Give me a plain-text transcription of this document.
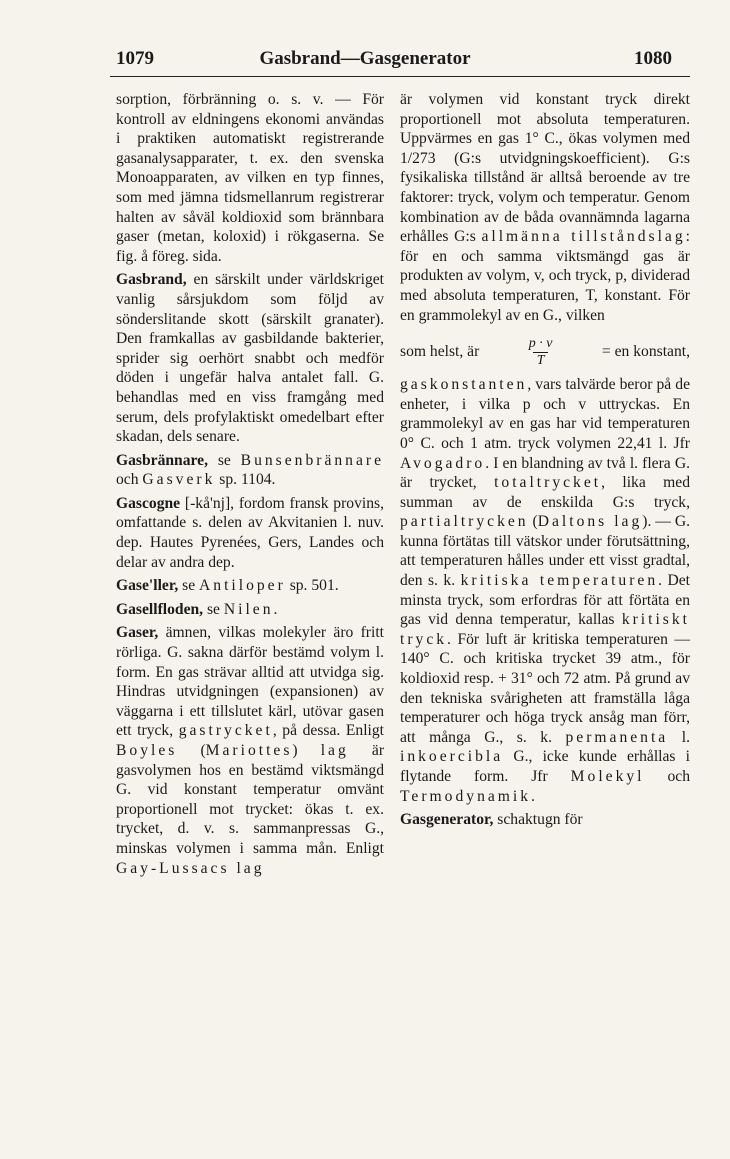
1079	Gasbrand—Gasgenerator	1080

sorption, förbränning o. s. v. — För kontroll av eldningens ekonomi användas i praktiken automatiskt registrerande gasanalysapparater, t. ex. den svenska Monoapparaten, av vilken en typ finnes, som med jämna tidsmellanrum registrerar halten av såväl koldioxid som brännbara gaser (metan, koloxid) i rökgaserna. Se fig. å föreg. sida.

Gasbrand, en särskilt under världskriget vanlig sårsjukdom som följd av sönderslitande skott (särskilt granater). Den framkallas av gasbildande bakterier, sprider sig oerhört snabbt och medför döden i ungefär halva antalet fall. G. behandlas med en viss framgång med serum, dels profylaktiskt omedelbart efter skadan, dels senare.

Gasbrännare, se Bunsenbrännare och Gasverk sp. 1104.

Gascogne [-kå'nj], fordom fransk provins, omfattande s. delen av Akvitanien l. nuv. dep. Hautes Pyrenées, Gers, Landes och delar av andra dep.

Gase'ller, se Antiloper sp. 501.

Gasellfloden, se Nilen.

Gaser, ämnen, vilkas molekyler äro fritt rörliga. G. sakna därför bestämd volym l. form. En gas strävar alltid att utvidga sig. Hindras utvidgningen (expansionen) av väggarna i ett tillslutet kärl, utövar gasen ett tryck, gastrycket, på dessa. Enligt Boyles (Mariottes) lag är gasvolymen hos en bestämd viktsmängd G. vid konstant temperatur omvänt proportionell mot trycket: ökas t. ex. trycket, d. v. s. sammanpressas G., minskas volymen i samma mån. Enligt Gay-Lussacs lag

är volymen vid konstant tryck direkt proportionell mot absoluta temperaturen. Uppvärmes en gas 1° C., ökas volymen med 1/273 (G:s utvidgningskoefficient). G:s fysikaliska tillstånd är alltså beroende av tre faktorer: tryck, volym och temperatur. Genom kombination av de båda ovannämnda lagarna erhålles G:s allmänna tillståndslag: för en och samma viktsmängd gas är produkten av volym, v, och tryck, p, dividerad med absoluta temperaturen, T, konstant. För en grammolekyl av en G., vilken

som helst, är	$\frac{p \cdot v}{T}$	= en konstant,

gaskonstanten, vars talvärde beror på de enheter, i vilka p och v uttryckas. En grammolekyl av en gas har vid temperaturen 0° C. och 1 atm. tryck volymen 22,41 l. Jfr Avogadro. I en blandning av två l. flera G. är trycket, totaltrycket, lika med summan av de enskilda G:s tryck, partialtrycken (Daltons lag). — G. kunna förtätas till vätskor under förutsättning, att temperaturen hålles under ett visst gradtal, den s. k. kritiska temperaturen. Det minsta tryck, som erfordras för att förtäta en gas vid denna temperatur, kallas kritiskt tryck. För luft är kritiska temperaturen — 140° C. och kritiska trycket 39 atm., för koldioxid resp. + 31° och 72 atm. På grund av den tekniska svårigheten att framställa låga temperaturer och höga tryck ansåg man förr, att många G., s. k. permanenta l. inkoercibla G., icke kunde erhållas i flytande form. Jfr Molekyl och Termodynamik.

Gasgenerator, schaktugn för
